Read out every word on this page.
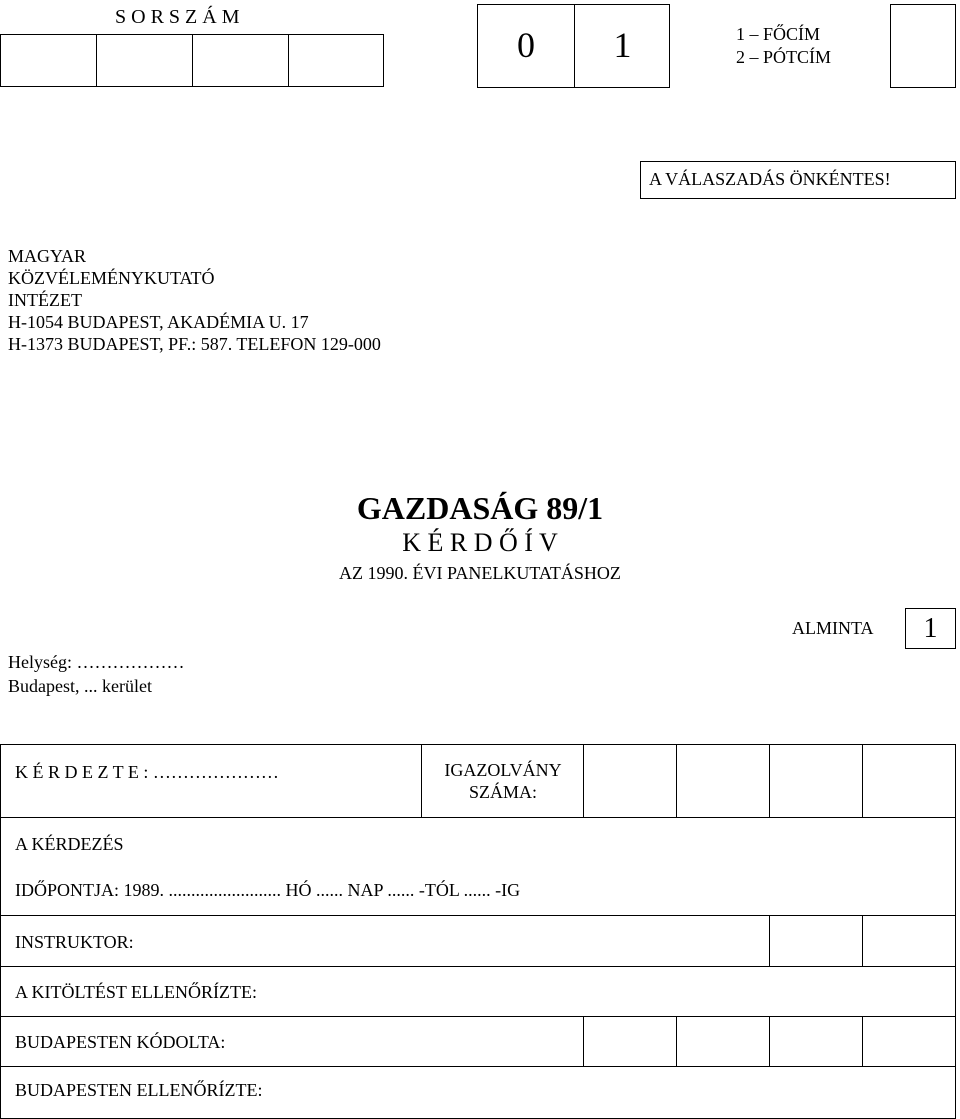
S O R S Z Á M
0	1	1 – FŐCÍM
2 – PÓTCÍM
A VÁLASZADÁS ÖNKÉNTES!
MAGYAR
KÖZVÉLEMÉNYKUTATÓ
INTÉZET
H-1054 BUDAPEST, AKADÉMIA U. 17
H-1373 BUDAPEST, PF.: 587. TELEFON 129-000
GAZDASÁG 89/1
K É R D Ő Í V
AZ 1990. ÉVI PANELKUTATÁSHOZ
Helység: ………………
Budapest, ... kerület
ALMINTA	1
K É R D E Z T E : …………………	IGAZOLVÁNY
SZÁMA:
A KÉRDEZÉS
IDŐPONTJA: 1989. ......................... HÓ ...... NAP ...... -TÓL ...... -IG
INSTRUKTOR:
A KITÖLTÉST ELLENŐRÍZTE:
BUDAPESTEN KÓDOLTA:
BUDAPESTEN ELLENŐRÍZTE:
